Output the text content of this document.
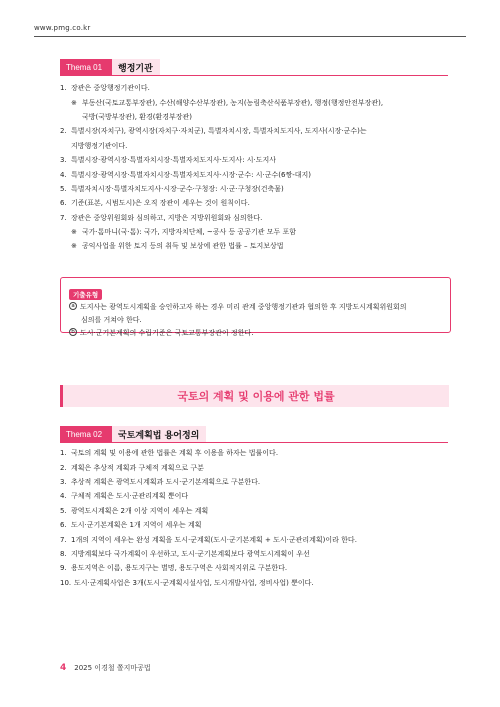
www.pmg.co.kr
Thema 01	행정기관
1. 장관은 중앙행정기관이다.
※ 부동산(국토교통부장관), 수산(해양수산부장관), 농지(농림축산식품부장관), 행정(행정안전부장관),
국방(국방부장관), 환경(환경부장관)
2. 특별시장(자치구), 광역시장(자치구·자치군), 특별자치시장, 특별자치도지사, 도지사(시장·군수)는
지방행정기관이다.
3. 특별시장·광역시장·특별자치시장·특별자치도지사·도지사: 시·도지사
4. 특별시장·광역시장·특별자치시장·특별자치도지사·시장·군수: 시·군수(6짱-대지)
5. 특별자치시장·특별자치도지사·시장·군수·구청장: 시·군·구청장(건축물)
6. 기준(표본, 시범도시)은 오직 장관이 세우는 것이 원칙이다.
7. 장관은 중앙위원회와 심의하고, 지방은 지방위원회와 심의한다.
※ 국가·톰마니(국·톰): 국가, 지방자치단체, ~공사 등 공공기관 모두 포함
※ 공익사업을 위한 토지 등의 취득 및 보상에 관한 법률 – 토지보상법
기출유형
a 도지사는 광역도시계획을 승인하고자 하는 경우 미리 관계 중앙행정기관과 협의한 후 지방도시계획위원회의
심의를 거쳐야 한다.
b 도시·군기본계획의 수립기준은 국토교통부장관이 정한다.
국토의 계획 및 이용에 관한 법률
Thema 02	국토계획법 용어정의
1. 국토의 계획 및 이용에 관한 법률은 계획 후 이용을 하자는 법률이다.
2. 계획은 추상적 계획과 구체적 계획으로 구분
3. 추상적 계획은 광역도시계획과 도시·군기본계획으로 구분한다.
4. 구체적 계획은 도시·군관리계획 뿐이다
5. 광역도시계획은 2개 이상 지역이 세우는 계획
6. 도시·군기본계획은 1개 지역이 세우는 계획
7. 1개의 지역이 세우는 완성 계획을 도시·군계획(도시·군기본계획 + 도시·군관리계획)이라 한다.
8. 지방계획보다 국가계획이 우선하고, 도시·군기본계획보다 광역도시계획이 우선
9. 용도지역은 이름, 용도지구는 별명, 용도구역은 사회적지위로 구분한다.
10. 도시·군계획사업은 3개(도시·군계획시설사업, 도시개발사업, 정비사업) 뿐이다.
4 2025 이경철 쫄지마공법
